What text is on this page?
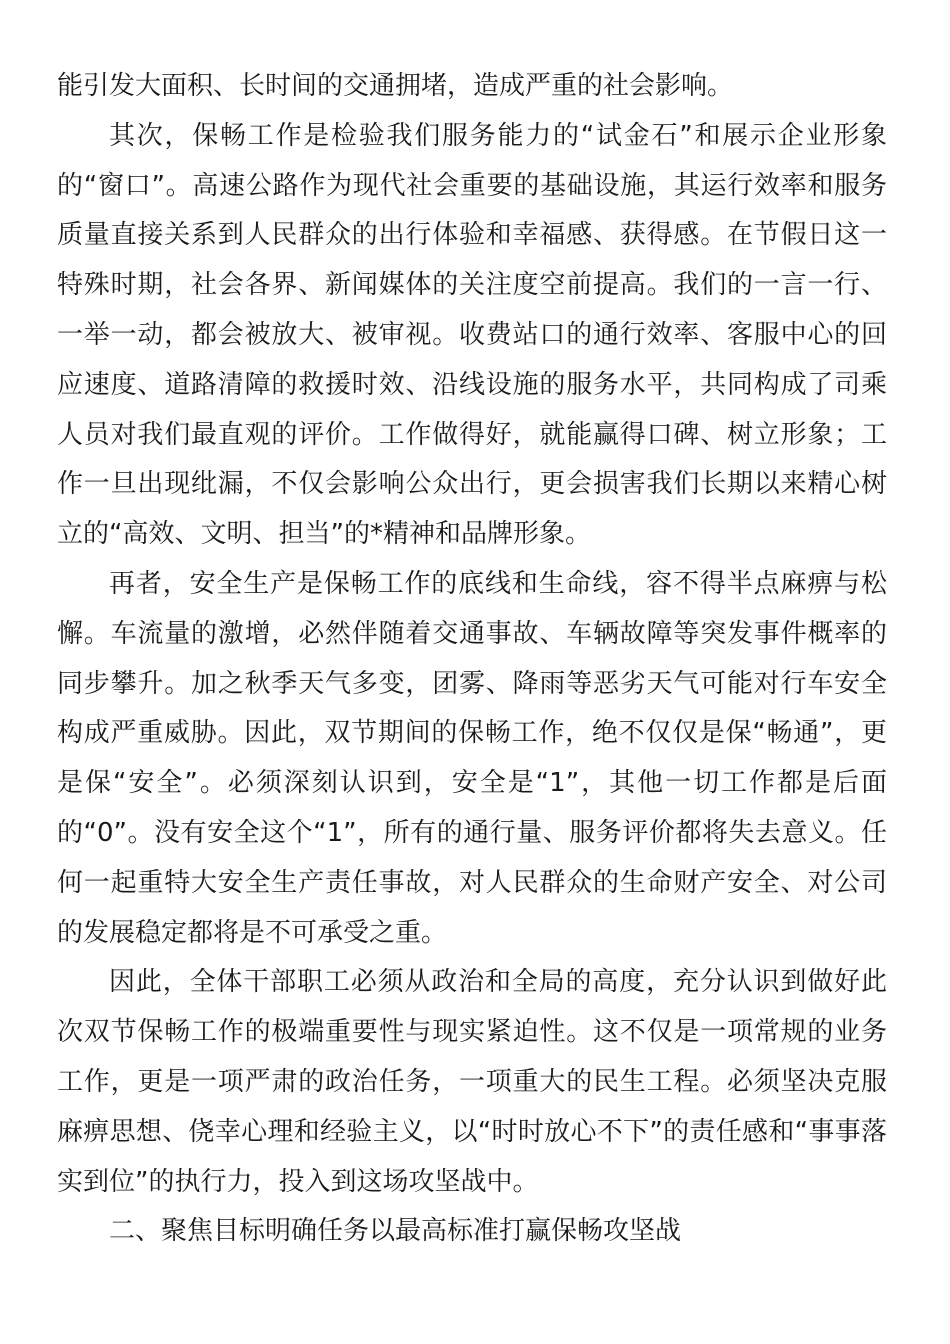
能引发大面积、长时间的交通拥堵，造成严重的社会影响。

其次，保畅工作是检验我们服务能力的“试金石”和展示企业形象的“窗口”。高速公路作为现代社会重要的基础设施，其运行效率和服务质量直接关系到人民群众的出行体验和幸福感、获得感。在节假日这一特殊时期，社会各界、新闻媒体的关注度空前提高。我们的一言一行、一举一动，都会被放大、被审视。收费站口的通行效率、客服中心的回应速度、道路清障的救援时效、沿线设施的服务水平，共同构成了司乘人员对我们最直观的评价。工作做得好，就能赢得口碑、树立形象；工作一旦出现纰漏，不仅会影响公众出行，更会损害我们长期以来精心树立的“高效、文明、担当”的*精神和品牌形象。

再者，安全生产是保畅工作的底线和生命线，容不得半点麻痹与松懈。车流量的激增，必然伴随着交通事故、车辆故障等突发事件概率的同步攀升。加之秋季天气多变，团雾、降雨等恶劣天气可能对行车安全构成严重威胁。因此，双节期间的保畅工作，绝不仅仅是保“畅通”，更是保“安全”。必须深刻认识到，安全是“1”，其他一切工作都是后面的“0”。没有安全这个“1”，所有的通行量、服务评价都将失去意义。任何一起重特大安全生产责任事故，对人民群众的生命财产安全、对公司的发展稳定都将是不可承受之重。

因此，全体干部职工必须从政治和全局的高度，充分认识到做好此次双节保畅工作的极端重要性与现实紧迫性。这不仅是一项常规的业务工作，更是一项严肃的政治任务，一项重大的民生工程。必须坚决克服麻痹思想、侥幸心理和经验主义，以“时时放心不下”的责任感和“事事落实到位”的执行力，投入到这场攻坚战中。

二、聚焦目标明确任务以最高标准打赢保畅攻坚战
